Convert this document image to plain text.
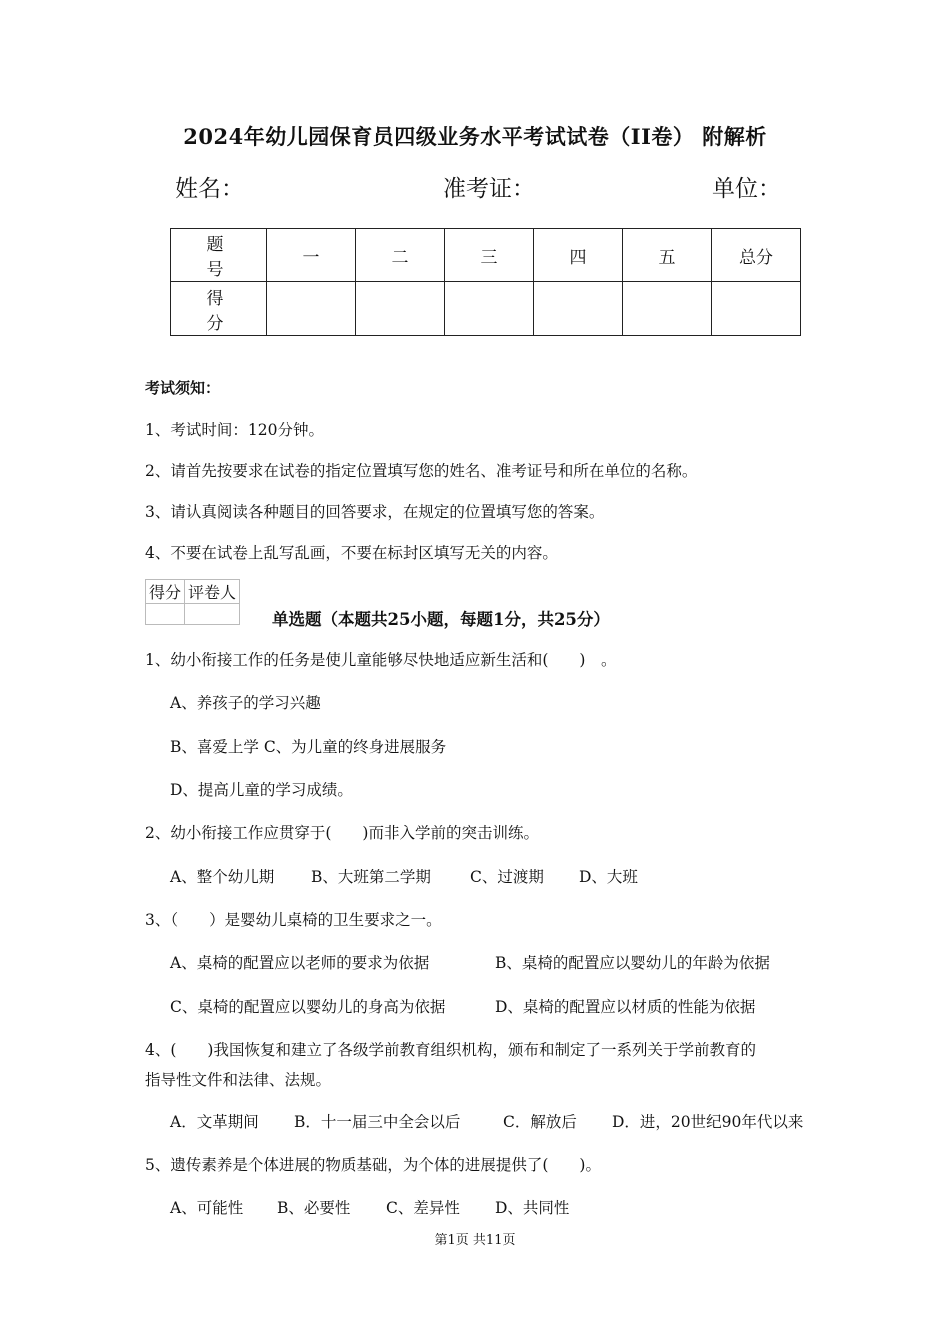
2024年幼儿园保育员四级业务水平考试试卷（II卷） 附解析
姓名：	准考证：	单位：
题　号	一	二	三	四	五	总分
得　分						
考试须知：
1、考试时间：120分钟。
2、请首先按要求在试卷的指定位置填写您的姓名、准考证号和所在单位的名称。
3、请认真阅读各种题目的回答要求，在规定的位置填写您的答案。
4、不要在试卷上乱写乱画，不要在标封区填写无关的内容。
得分	评卷人

单选题（本题共25小题，每题1分，共25分）
1、幼小衔接工作的任务是使儿童能够尽快地适应新生活和(　　)　。
A、养孩子的学习兴趣
B、喜爱上学 C、为儿童的终身进展服务
D、提高儿童的学习成绩。
2、幼小衔接工作应贯穿于(　　)而非入学前的突击训练。
A、整个幼儿期 B、大班第二学期	C、过渡期 D、大班
3、（　　）是婴幼儿桌椅的卫生要求之一。
A、桌椅的配置应以老师的要求为依据	B、桌椅的配置应以婴幼儿的年龄为依据
C、桌椅的配置应以婴幼儿的身高为依据	D、桌椅的配置应以材质的性能为依据
4、(　　)我国恢复和建立了各级学前教育组织机构，颁布和制定了一系列关于学前教育的
指导性文件和法律、法规。
A．文革期间 B．十一届三中全会以后	C．解放后 D．进，20世纪90年代以来
5、遗传素养是个体进展的物质基础，为个体的进展提供了(　　)。
A、可能性 B、必要性 C、差异性 D、共同性
第1页 共11页
